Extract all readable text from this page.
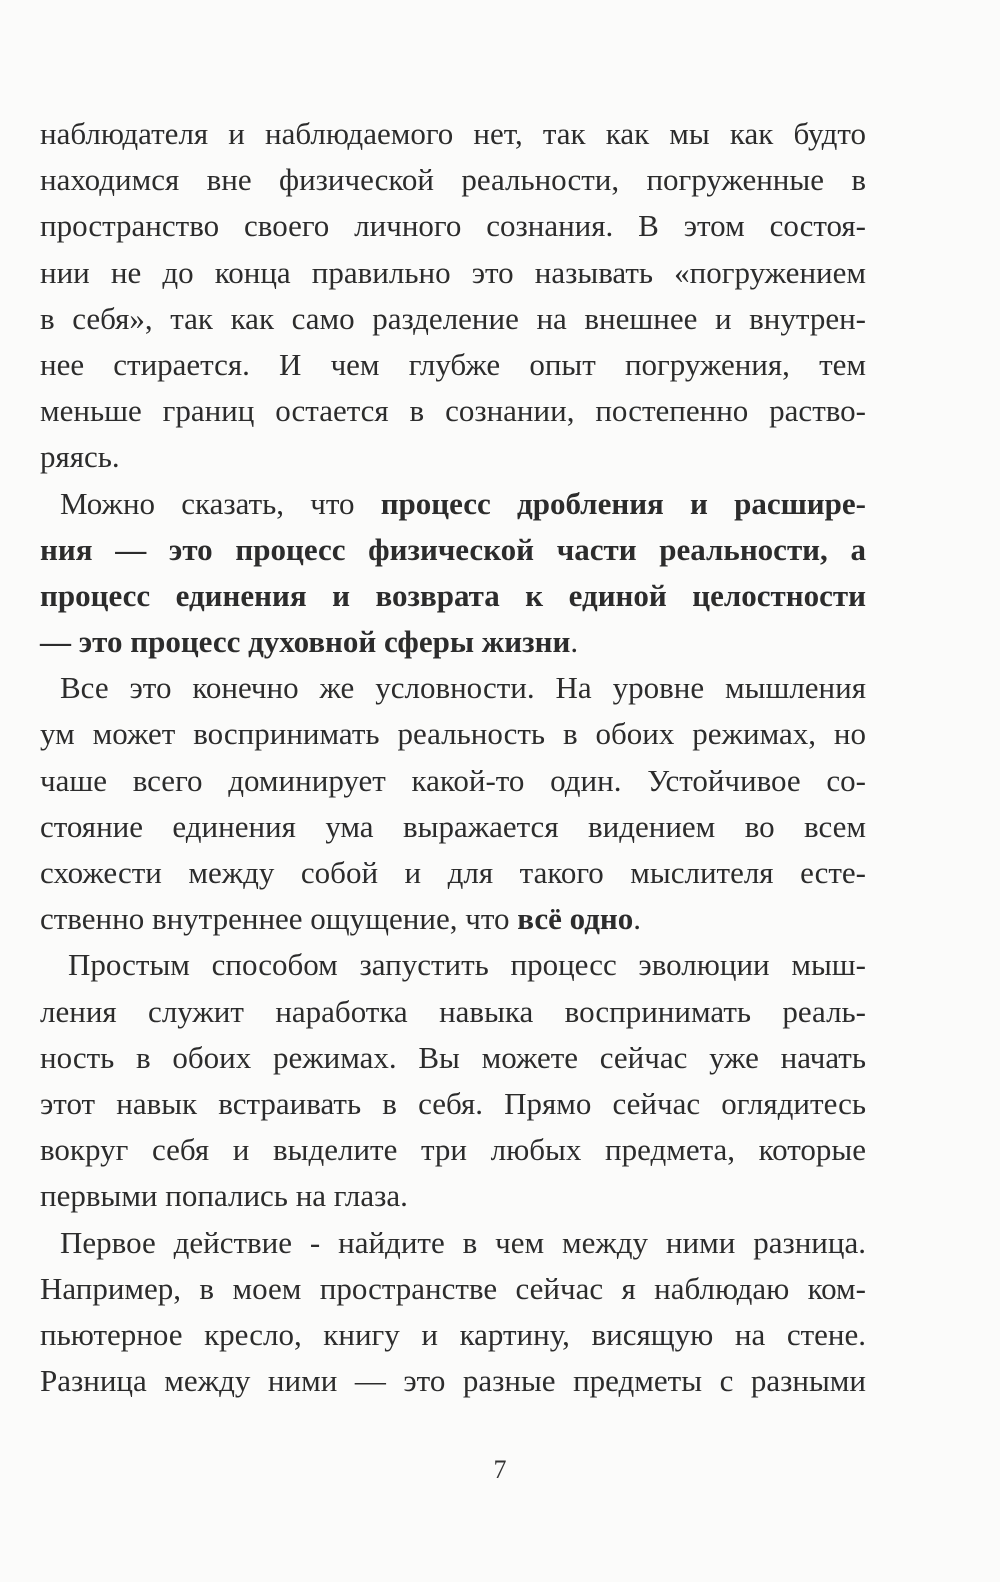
наблюдателя и наблюдаемого нет, так как мы как будто
находимся вне физической реальности, погруженные в
пространство своего личного сознания. В этом состоя-
нии не до конца правильно это называть «погружением
в себя», так как само разделение на внешнее и внутрен-
нее стирается. И чем глубже опыт погружения, тем
меньше границ остается в сознании, постепенно раство-
ряясь.
Можно сказать, что процесс дробления и расшире-
ния — это процесс физической части реальности, а
процесс единения и возврата к единой целостности
— это процесс духовной сферы жизни.
Все это конечно же условности. На уровне мышления
ум может воспринимать реальность в обоих режимах, но
чаше всего доминирует какой-то один. Устойчивое со-
стояние единения ума выражается видением во всем
схожести между собой и для такого мыслителя есте-
ственно внутреннее ощущение, что всё одно.
Простым способом запустить процесс эволюции мыш-
ления служит наработка навыка воспринимать реаль-
ность в обоих режимах. Вы можете сейчас уже начать
этот навык встраивать в себя. Прямо сейчас оглядитесь
вокруг себя и выделите три любых предмета, которые
первыми попались на глаза.
Первое действие - найдите в чем между ними разница.
Например, в моем пространстве сейчас я наблюдаю ком-
пьютерное кресло, книгу и картину, висящую на стене.
Разница между ними — это разные предметы с разными
7
